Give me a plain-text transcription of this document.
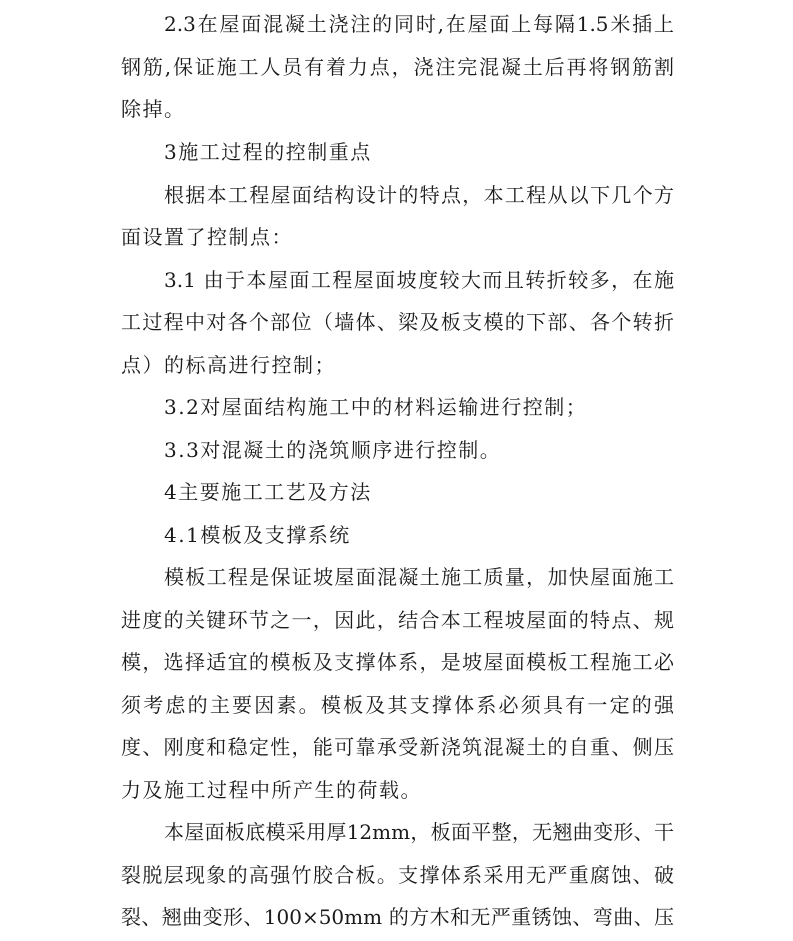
2.3在屋面混凝土浇注的同时,在屋面上每隔1.5米插上

钢筋,保证施工人员有着力点，浇注完混凝土后再将钢筋割

除掉。

3施工过程的控制重点

根据本工程屋面结构设计的特点，本工程从以下几个方

面设置了控制点：

3.1 由于本屋面工程屋面坡度较大而且转折较多，在施

工过程中对各个部位（墙体、梁及板支模的下部、各个转折

点）的标高进行控制；

3.2对屋面结构施工中的材料运输进行控制；

3.3对混凝土的浇筑顺序进行控制。

4主要施工工艺及方法

4.1模板及支撑系统

模板工程是保证坡屋面混凝土施工质量，加快屋面施工

进度的关键环节之一，因此，结合本工程坡屋面的特点、规

模，选择适宜的模板及支撑体系，是坡屋面模板工程施工必

须考虑的主要因素。模板及其支撑体系必须具有一定的强

度、刚度和稳定性，能可靠承受新浇筑混凝土的自重、侧压

力及施工过程中所产生的荷载。

本屋面板底模采用厚12mm，板面平整，无翘曲变形、干

裂脱层现象的高强竹胶合板。支撑体系采用无严重腐蚀、破

裂、翘曲变形、100×50mm 的方木和无严重锈蚀、弯曲、压
